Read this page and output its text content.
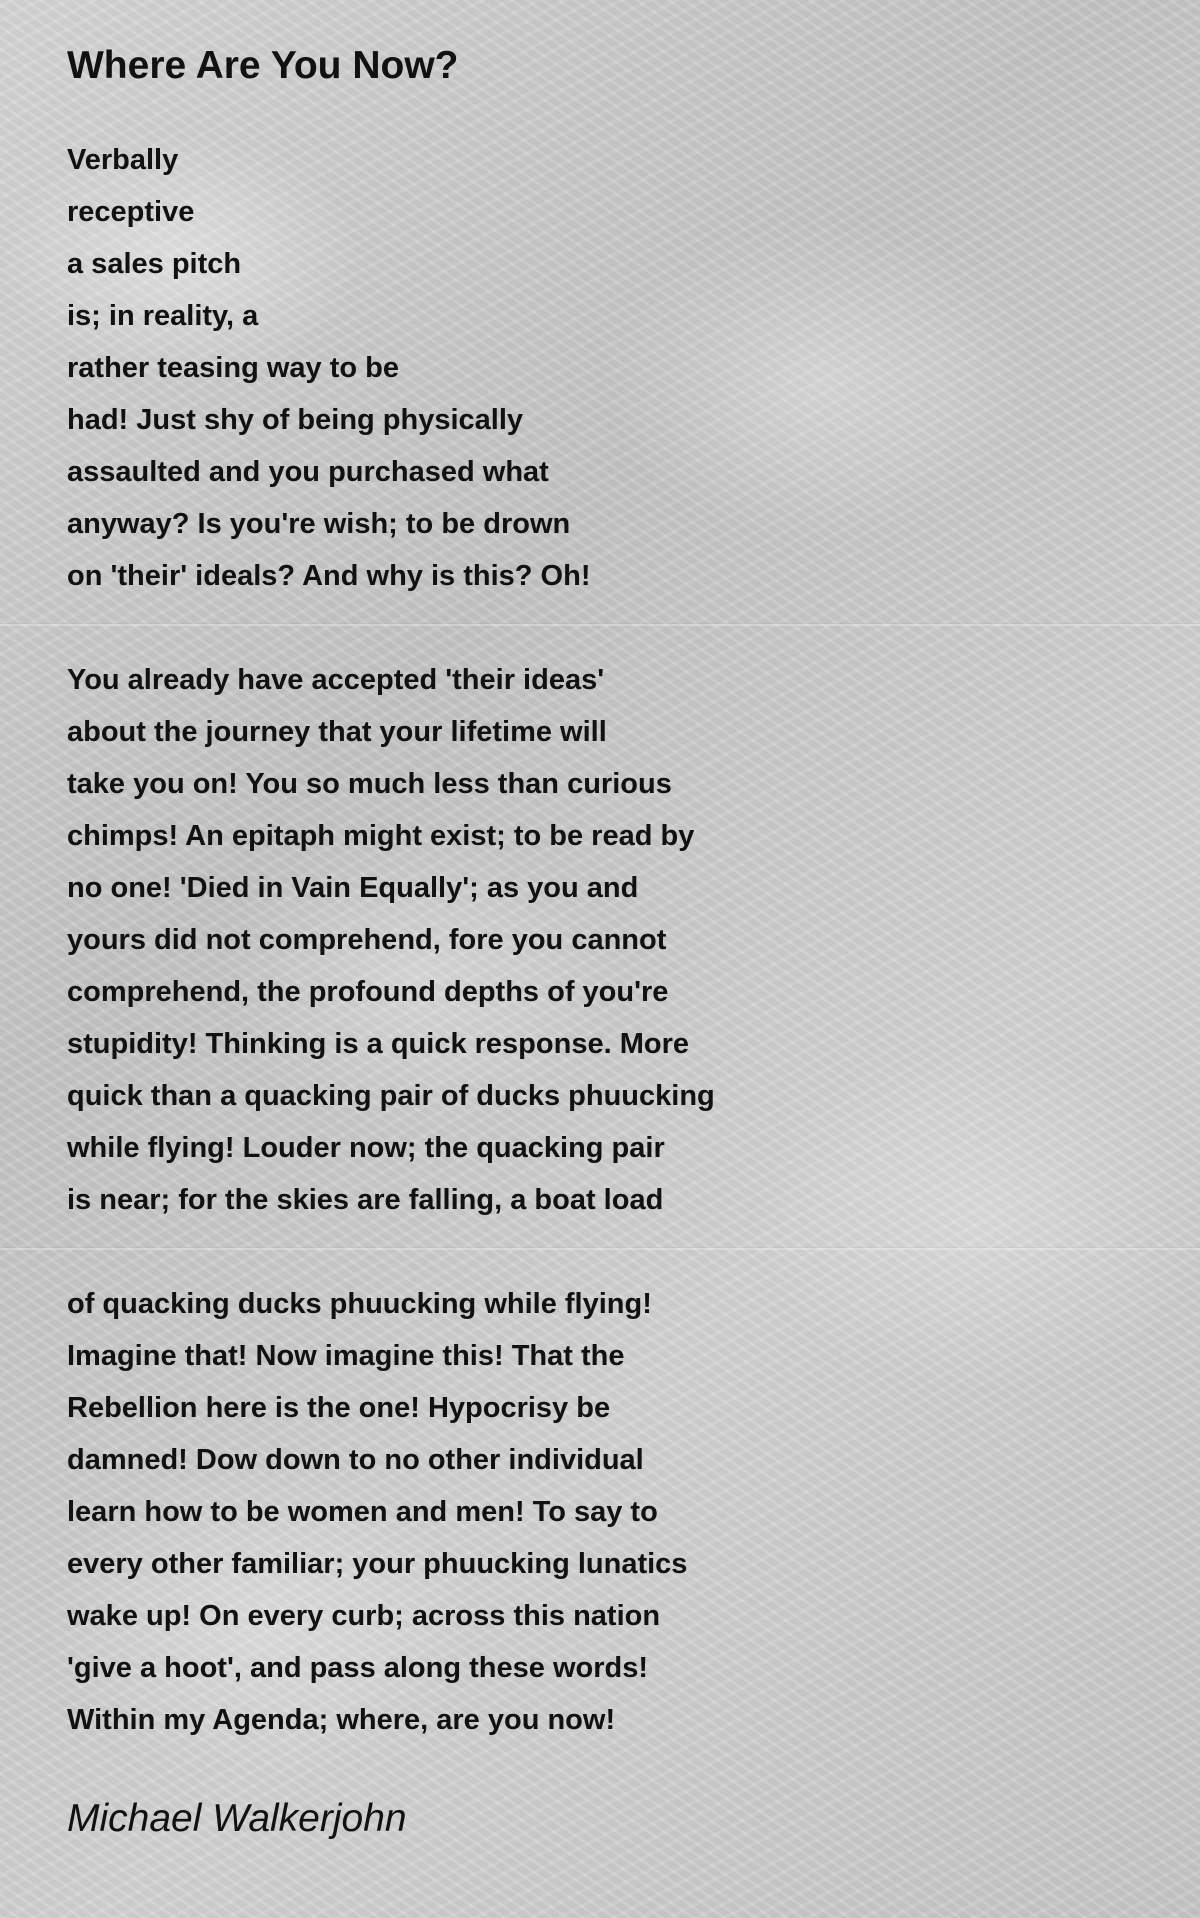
Where Are You Now?
Verbally
receptive
a sales pitch
is; in reality, a
rather teasing way to be
had! Just shy of being physically
assaulted and you purchased what
anyway? Is you're wish; to be drown
on 'their' ideals? And why is this? Oh!
You already have accepted 'their ideas'
about the journey that your lifetime will
take you on! You so much less than curious
chimps! An epitaph might exist; to be read by
no one! 'Died in Vain Equally'; as you and
yours did not comprehend, fore you cannot
comprehend, the profound depths of you're
stupidity! Thinking is a quick response. More
quick than a quacking pair of ducks phuucking
while flying! Louder now; the quacking pair
is near; for the skies are falling, a boat load
of quacking ducks phuucking while flying!
Imagine that! Now imagine this! That the
Rebellion here is the one! Hypocrisy be
damned! Dow down to no other individual
learn how to be women and men! To say to
every other familiar; your phuucking lunatics
wake up! On every curb; across this nation
'give a hoot', and pass along these words!
Within my Agenda; where, are you now!
Michael Walkerjohn
